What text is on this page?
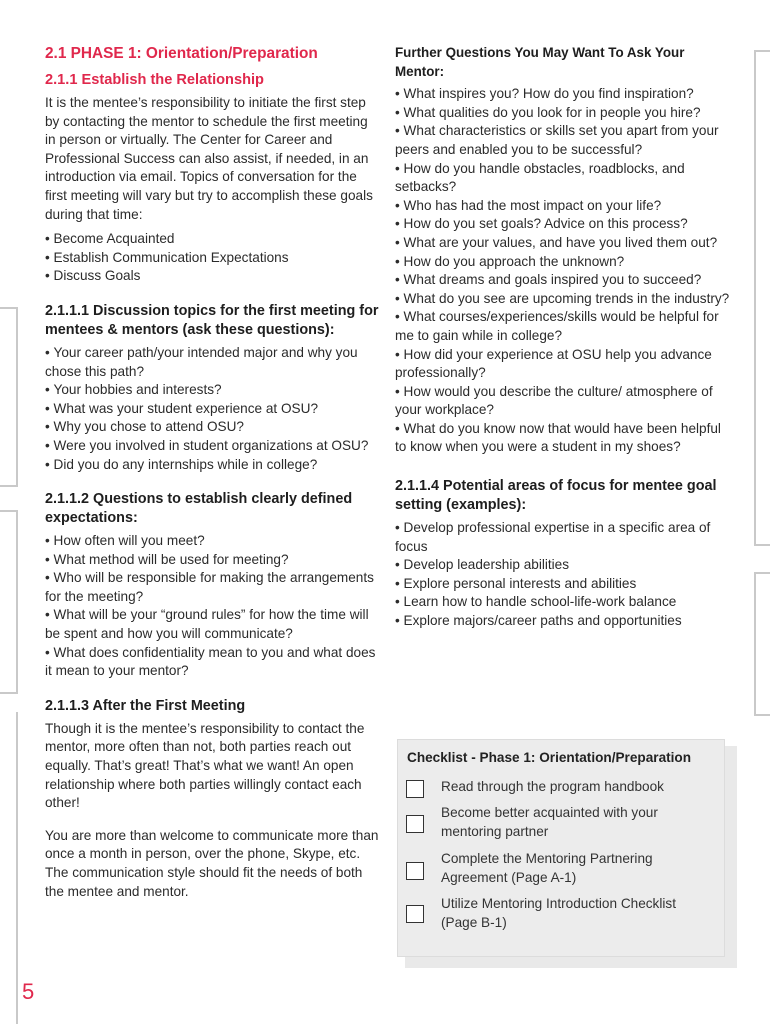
2.1 PHASE 1: Orientation/Preparation
2.1.1 Establish the Relationship

It is the mentee’s responsibility to initiate the first step by contacting the mentor to schedule the first meeting in person or virtually. The Center for Career and Professional Success can also assist, if needed, in an introduction via email. Topics of conversation for the first meeting will vary but try to accomplish these goals during that time:

• Become Acquainted
• Establish Communication Expectations
• Discuss Goals
2.1.1.1 Discussion topics for the first meeting for mentees & mentors (ask these questions):
• Your career path/your intended major and why you chose this path?
• Your hobbies and interests?
• What was your student experience at OSU?
• Why you chose to attend OSU?
• Were you involved in student organizations at OSU?
• Did you do any internships while in college?
2.1.1.2 Questions to establish clearly defined expectations:
• How often will you meet?
• What method will be used for meeting?
• Who will be responsible for making the arrangements for the meeting?
• What will be your “ground rules” for how the time will be spent and how you will communicate?
• What does confidentiality mean to you and what does it mean to your mentor?
2.1.1.3 After the First Meeting

Though it is the mentee’s responsibility to contact the mentor, more often than not, both parties reach out equally. That’s great! That’s what we want! An open relationship where both parties willingly contact each other!

You are more than welcome to communicate more than once a month in person, over the phone, Skype, etc. The communication style should fit the needs of both the mentee and mentor.

Further Questions You May Want To Ask Your Mentor:
• What inspires you? How do you find inspiration?
• What qualities do you look for in people you hire?
• What characteristics or skills set you apart from your peers and enabled you to be successful?
• How do you handle obstacles, roadblocks, and setbacks?
• Who has had the most impact on your life?
• How do you set goals? Advice on this process?
• What are your values, and have you lived them out?
• How do you approach the unknown?
• What dreams and goals inspired you to succeed?
• What do you see are upcoming trends in the industry?
• What courses/experiences/skills would be helpful for me to gain while in college?
• How did your experience at OSU help you advance professionally?
• How would you describe the culture/ atmosphere of your workplace?
• What do you know now that would have been helpful to know when you were a student in my shoes?
2.1.1.4 Potential areas of focus for mentee goal setting (examples):
• Develop professional expertise in a specific area of focus
• Develop leadership abilities
• Explore personal interests and abilities
• Learn how to handle school-life-work balance
• Explore majors/career paths and opportunities
Checklist - Phase 1: Orientation/Preparation
Read through the program handbook
Become better acquainted with your mentoring partner
Complete the Mentoring Partnering Agreement (Page A-1)
Utilize Mentoring Introduction Checklist (Page B-1)
5
